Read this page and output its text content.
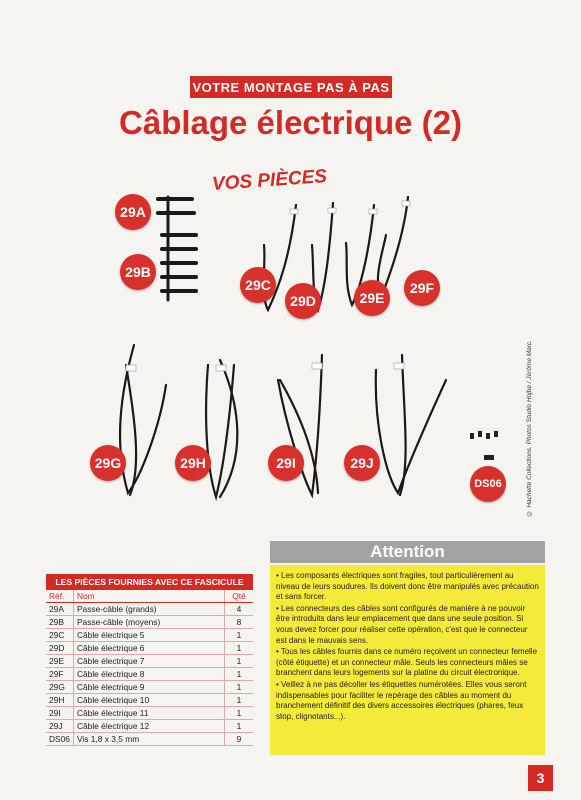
VOTRE MONTAGE PAS À PAS
Câblage électrique (2)
VOS PIÈCES
29A
29B
29C
29D	29E
29F
29G	29H	29I	29J
DS06	© Hachette Collections. Photos Studio Hojbe / Jérôme Marc.
LES PIÈCES FOURNIES AVEC CE FASCICULE
Réf.	Nom	Qté
29A	Passe-câble (grands)	4
29B	Passe-câble (moyens)	8
29C	Câble électrique 5	1
29D	Câble électrique 6	1
29E	Câble électrique 7	1
29F	Câble électrique 8	1
29G	Câble électrique 9	1
29H	Câble électrique 10	1
29I	Câble électrique 11	1
29J	Câble électrique 12	1
DS06	Vis 1,8 x 3,5 mm	9
Attention

• Les composants électriques sont fragiles, tout particulièrement au niveau de leurs soudures. Ils doivent donc être manipulés avec précaution et sans forcer.

• Les connecteurs des câbles sont configurés de manière à ne pouvoir être introduits dans leur emplacement que dans une seule position. Si vous devez forcer pour réaliser cette opération, c'est que le connecteur est dans le mauvais sens.

• Tous les câbles fournis dans ce numéro reçoivent un connecteur femelle (côté étiquette) et un connecteur mâle. Seuls les connecteurs mâles se branchent dans leurs logements sur la platine du circuit électronique.

• Veillez à ne pas décoller les étiquettes numérotées. Elles vous seront indispensables pour faciliter le repérage des câbles au moment du branchement définitif des divers accessoires électriques (phares, feux stop, clignotants...).

3
